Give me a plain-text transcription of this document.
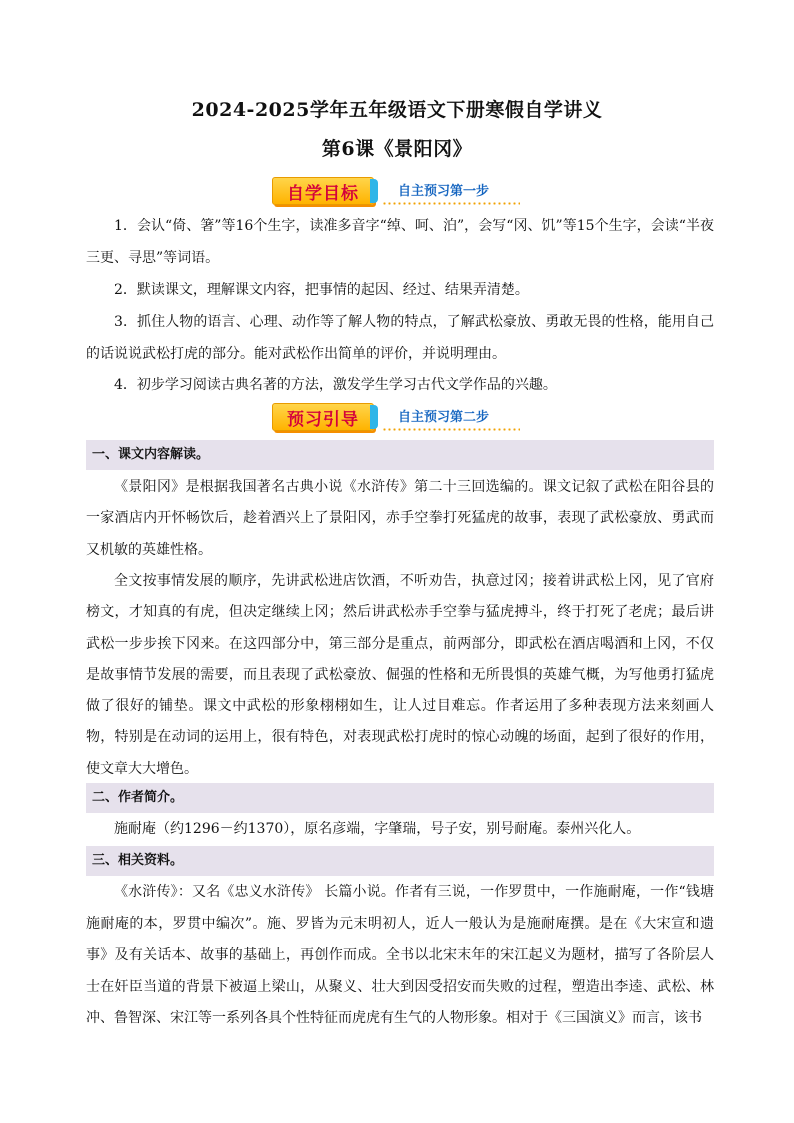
2024-2025学年五年级语文下册寒假自学讲义
第6课《景阳冈》
自学目标	自主预习第一步

1．会认“倚、箸”等16个生字，读准多音字“绰、呵、泊”，会写“冈、饥”等15个生字，会读“半夜三更、寻思”等词语。

2．默读课文，理解课文内容，把事情的起因、经过、结果弄清楚。

3．抓住人物的语言、心理、动作等了解人物的特点，了解武松豪放、勇敢无畏的性格，能用自己的话说说武松打虎的部分。能对武松作出简单的评价，并说明理由。

4．初步学习阅读古典名著的方法，激发学生学习古代文学作品的兴趣。

预习引导	自主预习第二步
一、课文内容解读。

《景阳冈》是根据我国著名古典小说《水浒传》第二十三回选编的。课文记叙了武松在阳谷县的一家酒店内开怀畅饮后，趁着酒兴上了景阳冈，赤手空拳打死猛虎的故事，表现了武松豪放、勇武而又机敏的英雄性格。

全文按事情发展的顺序，先讲武松进店饮酒，不听劝告，执意过冈；接着讲武松上冈，见了官府榜文，才知真的有虎，但决定继续上冈；然后讲武松赤手空拳与猛虎搏斗，终于打死了老虎；最后讲武松一步步挨下冈来。在这四部分中，第三部分是重点，前两部分，即武松在酒店喝酒和上冈，不仅是故事情节发展的需要，而且表现了武松豪放、倔强的性格和无所畏惧的英雄气概，为写他勇打猛虎做了很好的铺垫。课文中武松的形象栩栩如生，让人过目难忘。作者运用了多种表现方法来刻画人物，特别是在动词的运用上，很有特色，对表现武松打虎时的惊心动魄的场面，起到了很好的作用，使文章大大增色。

二、作者简介。

施耐庵（约1296－约1370），原名彦端，字肇瑞，号子安，别号耐庵。泰州兴化人。

三、相关资料。

《水浒传》：又名《忠义水浒传》 长篇小说。作者有三说，一作罗贯中，一作施耐庵，一作“钱塘施耐庵的本，罗贯中编次”。施、罗皆为元末明初人，近人一般认为是施耐庵撰。是在《大宋宣和遗事》及有关话本、故事的基础上，再创作而成。全书以北宋末年的宋江起义为题材，描写了各阶层人士在奸臣当道的背景下被逼上梁山，从聚义、壮大到因受招安而失败的过程，塑造出李逵、武松、林冲、鲁智深、宋江等一系列各具个性特征而虎虎有生气的人物形象。相对于《三国演义》而言，该书
